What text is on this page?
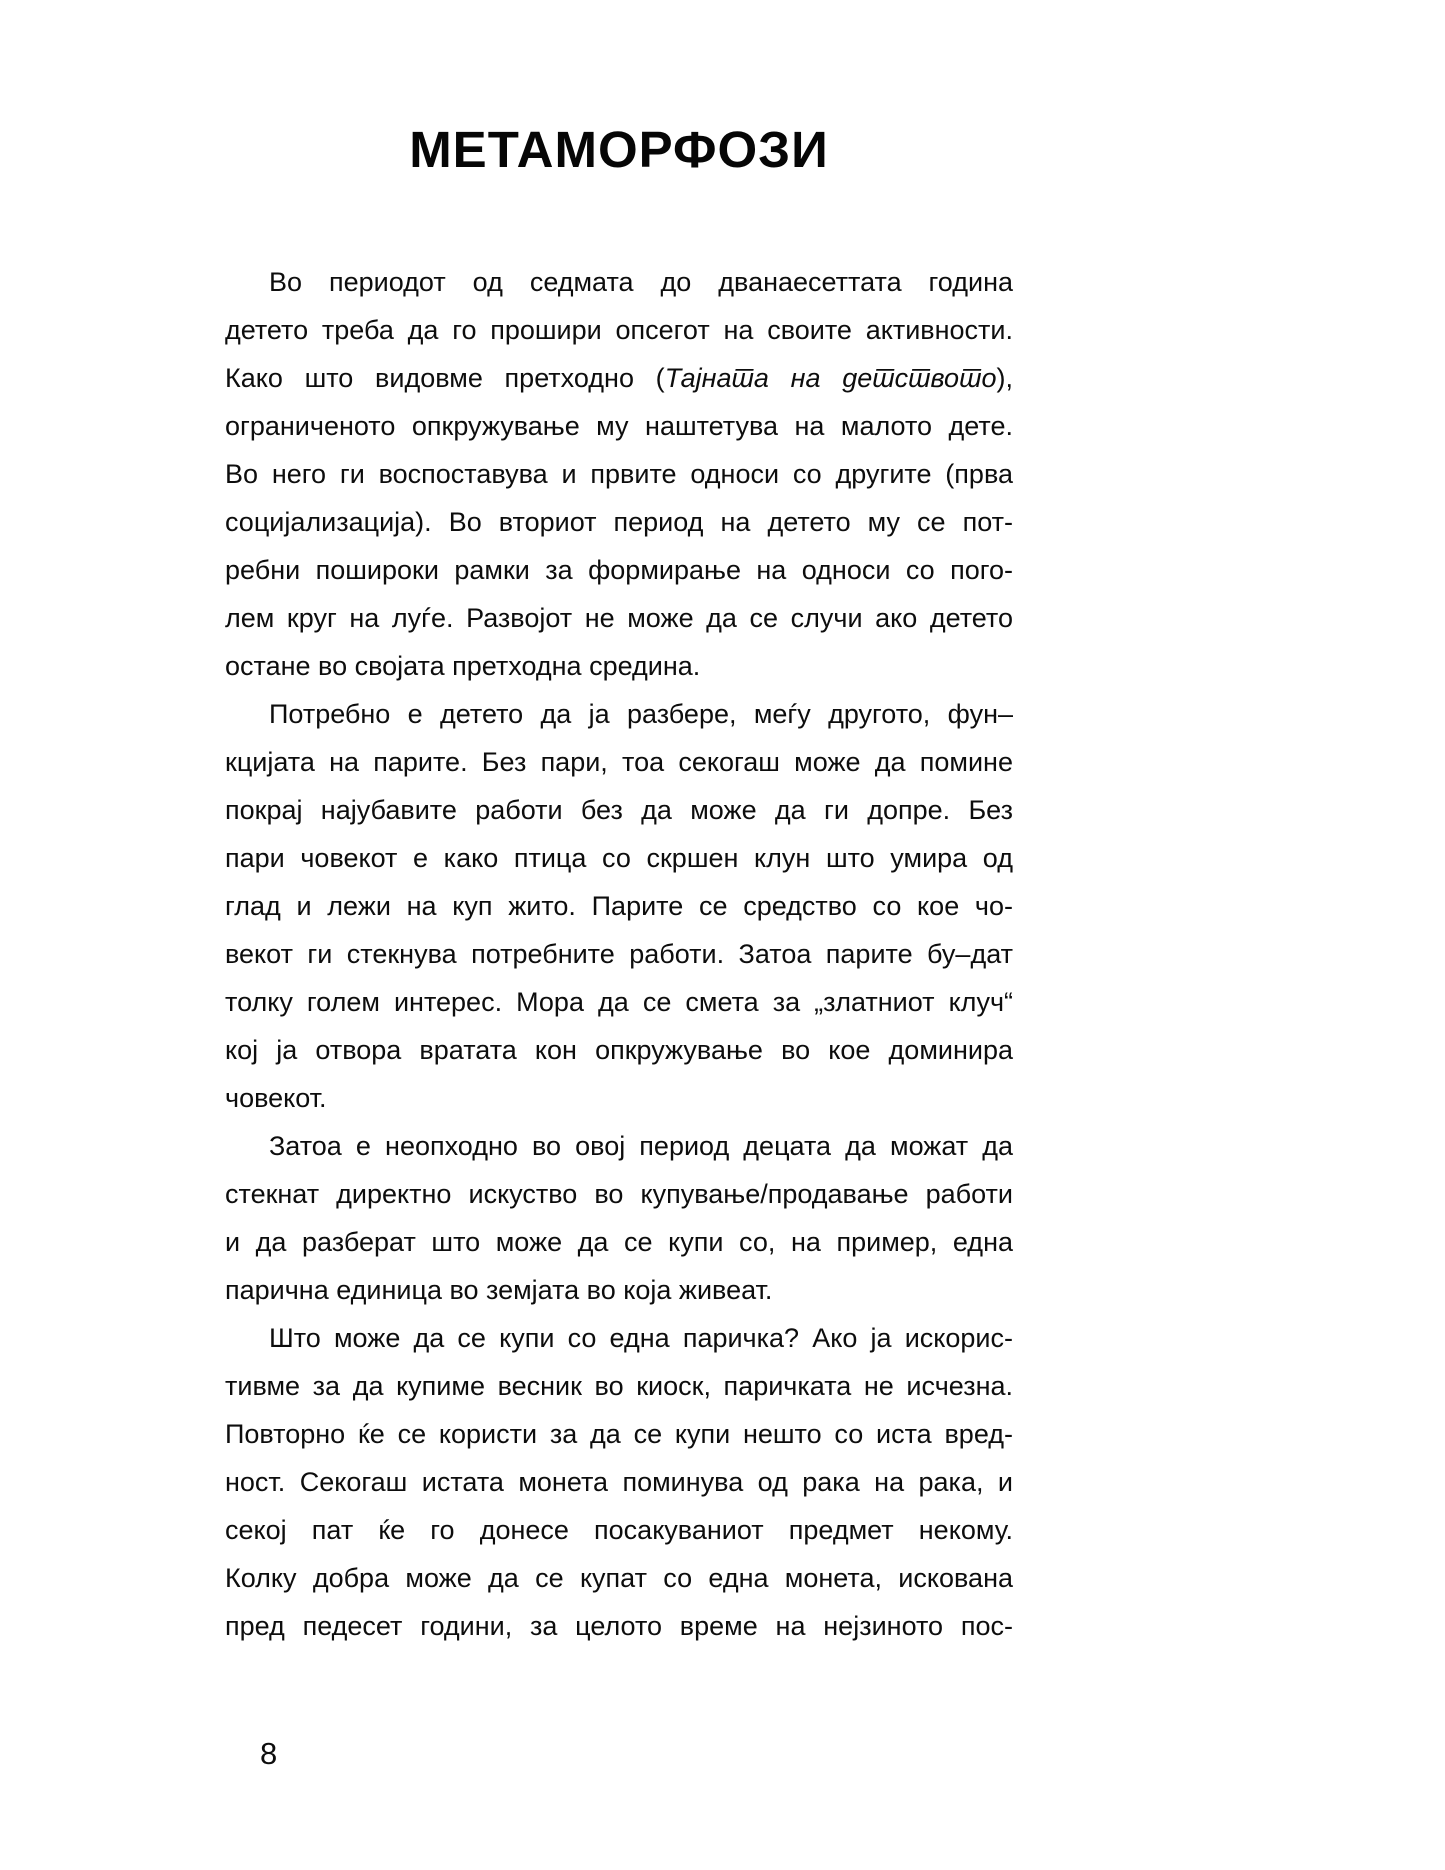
МЕТАМОРФОЗИ
Во периодот од седмата до дванаесеттата година
детето треба да го прошири опсегот на своите активности.
Како што видовме претходно (Тајната на детството),
ограниченото опкружување му наштетува на малото дете.
Во него ги воспоставува и првите односи со другите (прва
социјализација). Во вториот период на детето му се пот-
ребни пошироки рамки за формирање на односи со пого-
лем круг на луѓе. Развојот не може да се случи ако детето
остане во својата претходна средина.
Потребно е детето да ја разбере, меѓу другото, фун–
кцијата на парите. Без пари, тоа секогаш може да помине
покрај најубавите работи без да може да ги допре. Без
пари човекот е како птица со скршен клун што умира од
глад и лежи на куп жито. Парите се средство со кое чо-
векот ги стекнува потребните работи. Затоа парите бу–дат
толку голем интерес. Мора да се смета за „златниот клуч“
кој ја отвора вратата кон опкружување во кое доминира
човекот.
Затоа е неопходно во овој период децата да можат да
стекнат директно искуство во купување/продавање работи
и да разберат што може да се купи со, на пример, една
парична единица во земјата во која живеат.
Што може да се купи со една паричка? Ако ја искорис-
тивме за да купиме весник во киоск, паричката не исчезна.
Повторно ќе се користи за да се купи нешто со иста вред-
ност. Секогаш истата монета поминува од рака на рака, и
секој пат ќе го донесе посакуваниот предмет некому.
Колку добра може да се купат со една монета, искована
пред педесет години, за целото време на нејзиното пос-
8
